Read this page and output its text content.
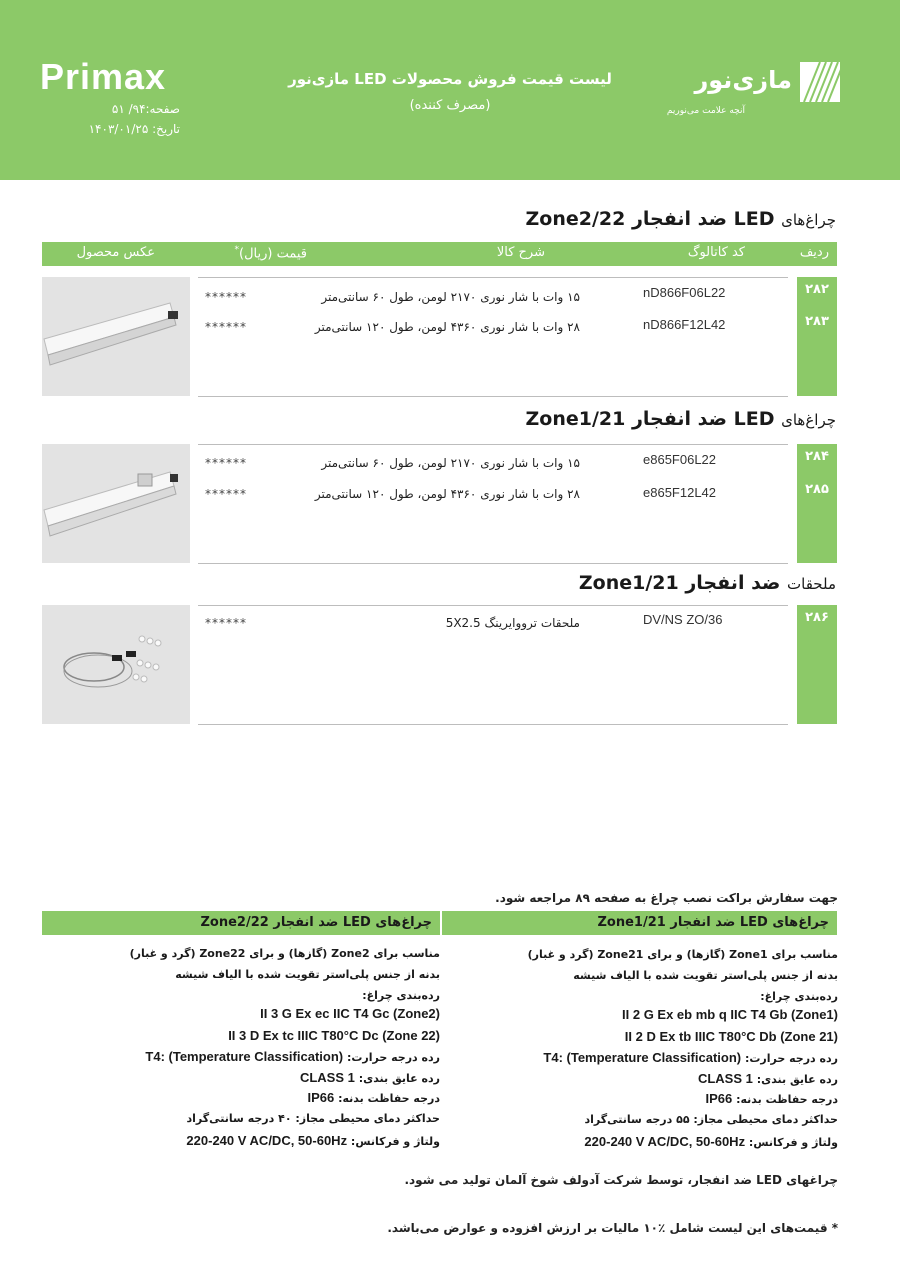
Primax
صفحه:۹۴/ ۵۱
تاریخ: ۱۴۰۳/۰۱/۲۵
لیست قیمت فروش محصولات LED مازی‌نور
(مصرف کننده)
مازی‌نور
آنچه علامت می‌نوریم
چراغ‌های LED ضد انفجار Zone2/22
ردیف
کد کاتالوگ
شرح کالا
قیمت (ریال)*
عکس محصول
۲۸۲
nD866F06L22
۱۵ وات با شار نوری ۲۱۷۰ لومن، طول ۶۰ سانتی‌متر
******
۲۸۳
nD866F12L42
۲۸ وات با شار نوری ۴۳۶۰ لومن، طول ۱۲۰ سانتی‌متر
******
چراغ‌های LED ضد انفجار Zone1/21
۲۸۴
e865F06L22
۱۵ وات با شار نوری ۲۱۷۰ لومن، طول ۶۰ سانتی‌متر
******
۲۸۵
e865F12L42
۲۸ وات با شار نوری ۴۳۶۰ لومن، طول ۱۲۰ سانتی‌متر
******
ملحقات ضد انفجار Zone1/21
۲۸۶
DV/NS ZO/36
ملحقات ترووایرینگ 5X2.5
******
جهت سفارش براکت نصب چراغ به صفحه ۸۹ مراجعه شود.
چراغ‌های LED ضد انفجار Zone1/21
چراغ‌های LED ضد انفجار Zone2/22
مناسب برای Zone1 (گازها) و برای Zone21 (گرد و غبار)
بدنه از جنس پلی‌استر تقویت شده با الیاف شیشه
رده‌بندی چراغ:
II 2 G Ex eb mb q IIC T4 Gb (Zone1)
II 2 D Ex tb IIIC T80°C Db (Zone 21)
رده درجه حرارت: T4: (Temperature Classification)
رده عایق بندی: CLASS 1
درجه حفاظت بدنه: IP66
حداکثر دمای محیطی مجاز: ۵۵ درجه سانتی‌گراد
ولتاژ و فرکانس: 220-240 V AC/DC, 50-60Hz
مناسب برای Zone2 (گازها) و برای Zone22 (گرد و غبار)
بدنه از جنس پلی‌استر تقویت شده با الیاف شیشه
رده‌بندی چراغ:
II 3 G Ex ec IIC T4 Gc (Zone2)
II 3 D Ex tc IIIC T80°C Dc (Zone 22)
رده درجه حرارت: T4: (Temperature Classification)
رده عایق بندی: CLASS 1
درجه حفاظت بدنه: IP66
حداکثر دمای محیطی مجاز: ۴۰ درجه سانتی‌گراد
ولتاژ و فرکانس: 220-240 V AC/DC, 50-60Hz
چراغهای LED ضد انفجار، توسط شرکت آدولف شوخ آلمان تولید می شود.
* قیمت‌های این لیست شامل ٪۱۰ مالیات بر ارزش افزوده و عوارض می‌باشد.
